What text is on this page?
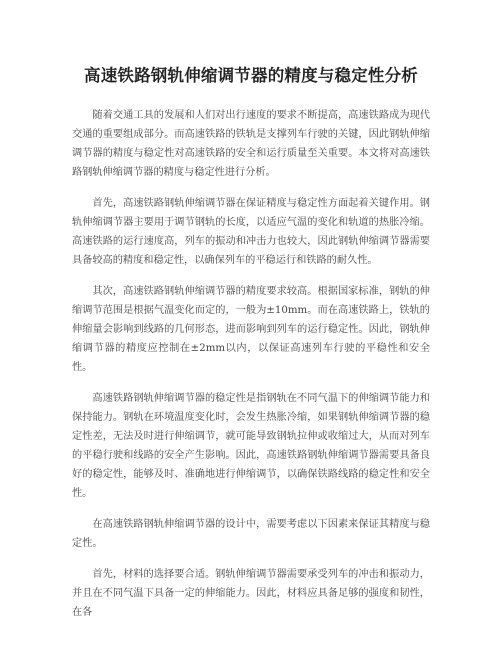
高速铁路钢轨伸缩调节器的精度与稳定性分析

随着交通工具的发展和人们对出行速度的要求不断提高，高速铁路成为现代交通的重要组成部分。而高速铁路的铁轨是支撑列车行驶的关键，因此钢轨伸缩调节器的精度与稳定性对高速铁路的安全和运行质量至关重要。本文将对高速铁路钢轨伸缩调节器的精度与稳定性进行分析。

首先，高速铁路钢轨伸缩调节器在保证精度与稳定性方面起着关键作用。钢轨伸缩调节器主要用于调节钢轨的长度，以适应气温的变化和轨道的热胀冷缩。高速铁路的运行速度高，列车的振动和冲击力也较大，因此钢轨伸缩调节器需要具备较高的精度和稳定性，以确保列车的平稳运行和铁路的耐久性。

其次，高速铁路钢轨伸缩调节器的精度要求较高。根据国家标准，钢轨的伸缩调节范围是根据气温变化而定的，一般为±10mm。而在高速铁路上，铁轨的伸缩量会影响到线路的几何形态，进而影响到列车的运行稳定性。因此，钢轨伸缩调节器的精度应控制在±2mm以内，以保证高速列车行驶的平稳性和安全性。

高速铁路钢轨伸缩调节器的稳定性是指钢轨在不同气温下的伸缩调节能力和保持能力。钢轨在环境温度变化时，会发生热胀冷缩，如果钢轨伸缩调节器的稳定性差，无法及时进行伸缩调节，就可能导致钢轨拉伸或收缩过大，从而对列车的平稳行驶和线路的安全产生影响。因此，高速铁路钢轨伸缩调节器需要具备良好的稳定性，能够及时、准确地进行伸缩调节，以确保铁路线路的稳定性和安全性。

在高速铁路钢轨伸缩调节器的设计中，需要考虑以下因素来保证其精度与稳定性。

首先，材料的选择要合适。钢轨伸缩调节器需要承受列车的冲击和振动力，并且在不同气温下具备一定的伸缩能力。因此，材料应具备足够的强度和韧性，在各
